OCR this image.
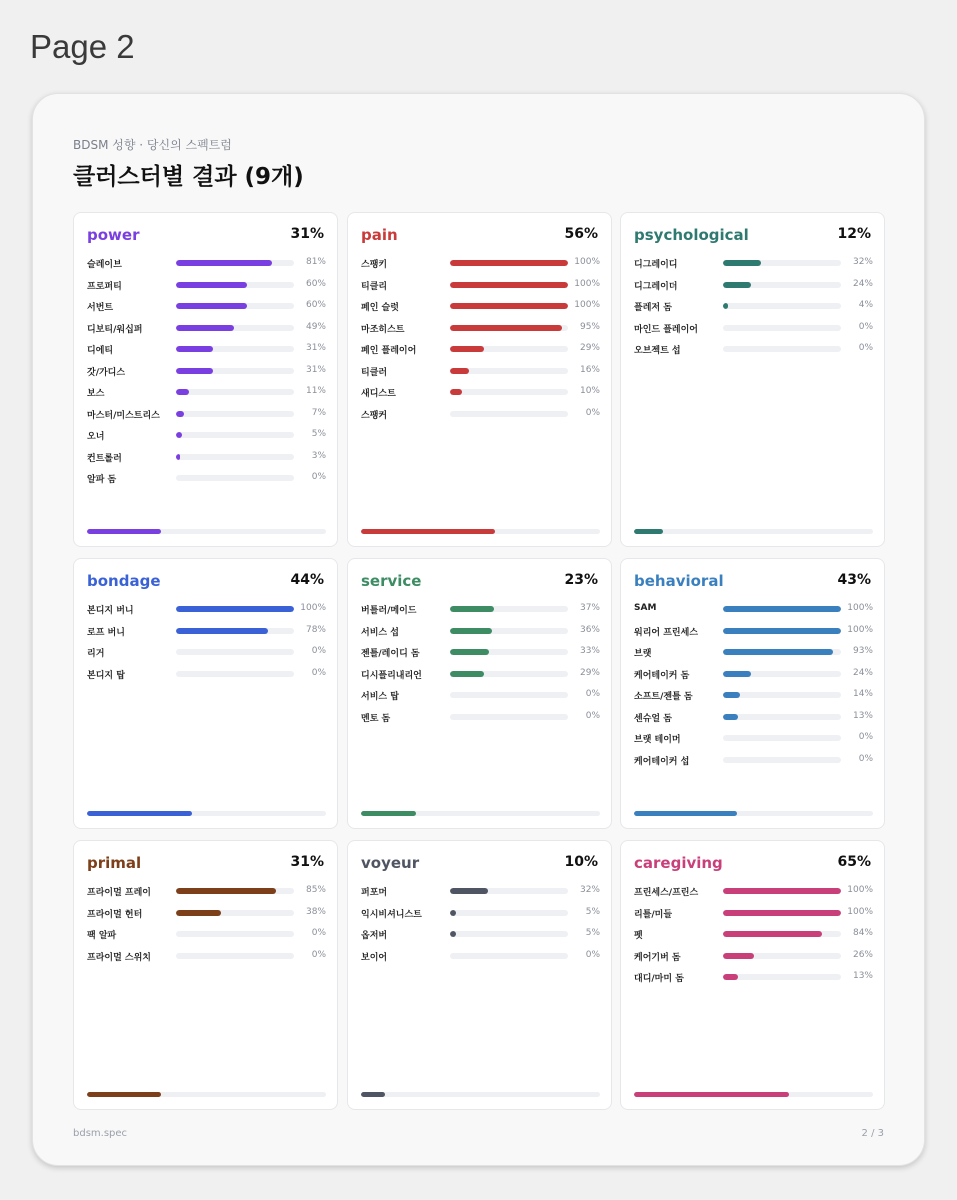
Page 2
BDSM 성향 · 당신의 스펙트럼
클러스터별 결과 (9개)
power	31%
슬레이브	81%
프로퍼티	60%
서번트	60%
디보티/워십퍼	49%
디에티	31%
갓/가디스	31%
보스	11%
마스터/미스트리스	7%
오너	5%
컨트롤러	3%
알파 돔	0%
pain	56%
스팽키	100%
티클리	100%
페인 슬럿	100%
마조히스트	95%
페인 플레이어	29%
티클러	16%
새디스트	10%
스팽커	0%
psychological	12%
디그레이디	32%
디그레이더	24%
플레저 돔	4%
마인드 플레이어	0%
오브젝트 섭	0%
bondage	44%
본디지 버니	100%
로프 버니	78%
리거	0%
본디지 탑	0%
service	23%
버틀러/메이드	37%
서비스 섭	36%
젠틀/레이디 돔	33%
디시플리내리언	29%
서비스 탑	0%
멘토 돔	0%
behavioral	43%
SAM	100%
워리어 프린세스	100%
브랫	93%
케어테이커 돔	24%
소프트/젠틀 돔	14%
센슈얼 돔	13%
브랫 테이머	0%
케어테이커 섭	0%
primal	31%
프라이멀 프레이	85%
프라이멀 헌터	38%
팩 알파	0%
프라이멀 스위치	0%
voyeur	10%
퍼포머	32%
익시비셔니스트	5%
옵저버	5%
보이어	0%
caregiving	65%
프린세스/프린스	100%
리틀/미들	100%
펫	84%
케어기버 돔	26%
대디/마미 돔	13%
bdsm.spec	2 / 3
